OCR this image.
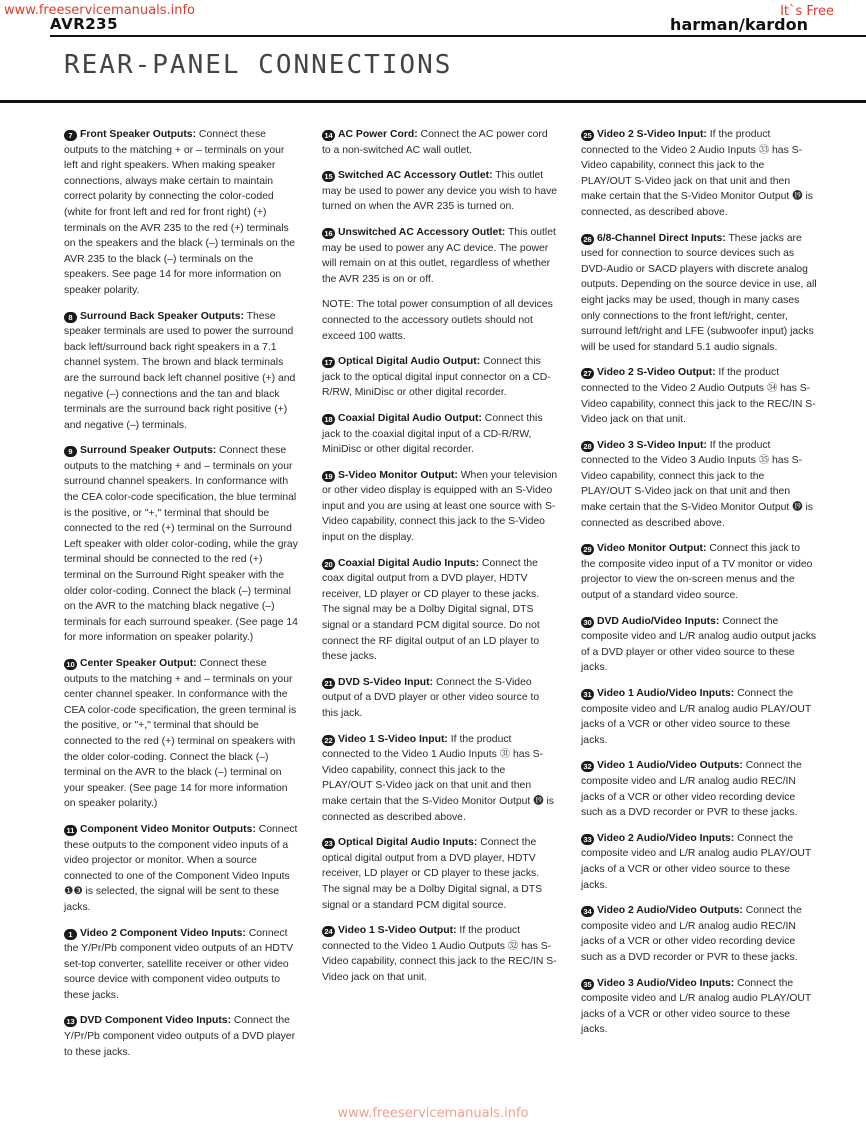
www.freeservicemanuals.info	It`s Free
AVR235	harman/kardon
REAR-PANEL CONNECTIONS

7 Front Speaker Outputs: Connect these outputs to the matching + or – terminals on your left and right speakers. When making speaker connections, always make certain to maintain correct polarity by connecting the color-coded (white for front left and red for front right) (+) terminals on the AVR 235 to the red (+) terminals on the speakers and the black (–) terminals on the AVR 235 to the black (–) terminals on the speakers. See page 14 for more information on speaker polarity.

8 Surround Back Speaker Outputs: These speaker terminals are used to power the surround back left/surround back right speakers in a 7.1 channel system. The brown and black terminals are the surround back left channel positive (+) and negative (–) connections and the tan and black terminals are the surround back right positive (+) and negative (–) terminals.

9 Surround Speaker Outputs: Connect these outputs to the matching + and – terminals on your surround channel speakers. In conformance with the CEA color-code specification, the blue terminal is the positive, or "+," terminal that should be connected to the red (+) terminal on the Surround Left speaker with older color-coding, while the gray terminal should be connected to the red (+) terminal on the Surround Right speaker with the older color-coding. Connect the black (–) terminal on the AVR to the matching black negative (–) terminals for each surround speaker. (See page 14 for more information on speaker polarity.)

10 Center Speaker Output: Connect these outputs to the matching + and – terminals on your center channel speaker. In conformance with the CEA color-code specification, the green terminal is the positive, or "+," terminal that should be connected to the red (+) terminal on speakers with the older color-coding. Connect the black (–) terminal on the AVR to the black (–) terminal on your speaker. (See page 14 for more information on speaker polarity.)

11 Component Video Monitor Outputs: Connect these outputs to the component video inputs of a video projector or monitor. When a source connected to one of the Component Video Inputs ❶❸ is selected, the signal will be sent to these jacks.

1 Video 2 Component Video Inputs: Connect the Y/Pr/Pb component video outputs of an HDTV set-top converter, satellite receiver or other video source device with component video outputs to these jacks.

13 DVD Component Video Inputs: Connect the Y/Pr/Pb component video outputs of a DVD player to these jacks.

14 AC Power Cord: Connect the AC power cord to a non-switched AC wall outlet.

15 Switched AC Accessory Outlet: This outlet may be used to power any device you wish to have turned on when the AVR 235 is turned on.

16 Unswitched AC Accessory Outlet: This outlet may be used to power any AC device. The power will remain on at this outlet, regardless of whether the AVR 235 is on or off.

NOTE: The total power consumption of all devices connected to the accessory outlets should not exceed 100 watts.

17 Optical Digital Audio Output: Connect this jack to the optical digital input connector on a CD-R/RW, MiniDisc or other digital recorder.

18 Coaxial Digital Audio Output: Connect this jack to the coaxial digital input of a CD-R/RW, MiniDisc or other digital recorder.

19 S-Video Monitor Output: When your television or other video display is equipped with an S-Video input and you are using at least one source with S-Video capability, connect this jack to the S-Video input on the display.

20 Coaxial Digital Audio Inputs: Connect the coax digital output from a DVD player, HDTV receiver, LD player or CD player to these jacks. The signal may be a Dolby Digital signal, DTS signal or a standard PCM digital source. Do not connect the RF digital output of an LD player to these jacks.

21 DVD S-Video Input: Connect the S-Video output of a DVD player or other video source to this jack.

22 Video 1 S-Video Input: If the product connected to the Video 1 Audio Inputs ㉛ has S-Video capability, connect this jack to the PLAY/OUT S-Video jack on that unit and then make certain that the S-Video Monitor Output ⓳ is connected as described above.

23 Optical Digital Audio Inputs: Connect the optical digital output from a DVD player, HDTV receiver, LD player or CD player to these jacks. The signal may be a Dolby Digital signal, a DTS signal or a standard PCM digital source.

24 Video 1 S-Video Output: If the product connected to the Video 1 Audio Outputs ㉜ has S-Video capability, connect this jack to the REC/IN S-Video jack on that unit.

25 Video 2 S-Video Input: If the product connected to the Video 2 Audio Inputs ㉝ has S-Video capability, connect this jack to the PLAY/OUT S-Video jack on that unit and then make certain that the S-Video Monitor Output ⓳ is connected, as described above.

26 6/8-Channel Direct Inputs: These jacks are used for connection to source devices such as DVD-Audio or SACD players with discrete analog outputs. Depending on the source device in use, all eight jacks may be used, though in many cases only connections to the front left/right, center, surround left/right and LFE (subwoofer input) jacks will be used for standard 5.1 audio signals.

27 Video 2 S-Video Output: If the product connected to the Video 2 Audio Outputs ㉞ has S-Video capability, connect this jack to the REC/IN S-Video jack on that unit.

28 Video 3 S-Video Input: If the product connected to the Video 3 Audio Inputs ㉟ has S-Video capability, connect this jack to the PLAY/OUT S-Video jack on that unit and then make certain that the S-Video Monitor Output ⓳ is connected as described above.

29 Video Monitor Output: Connect this jack to the composite video input of a TV monitor or video projector to view the on-screen menus and the output of a standard video source.

30 DVD Audio/Video Inputs: Connect the composite video and L/R analog audio output jacks of a DVD player or other video source to these jacks.

31 Video 1 Audio/Video Inputs: Connect the composite video and L/R analog audio PLAY/OUT jacks of a VCR or other video source to these jacks.

32 Video 1 Audio/Video Outputs: Connect the composite video and L/R analog audio REC/IN jacks of a VCR or other video recording device such as a DVD recorder or PVR to these jacks.

33 Video 2 Audio/Video Inputs: Connect the composite video and L/R analog audio PLAY/OUT jacks of a VCR or other video source to these jacks.

34 Video 2 Audio/Video Outputs: Connect the composite video and L/R analog audio REC/IN jacks of a VCR or other video recording device such as a DVD recorder or PVR to these jacks.

35 Video 3 Audio/Video Inputs: Connect the composite video and L/R analog audio PLAY/OUT jacks of a VCR or other video source to these jacks.

www.freeservicemanuals.info
